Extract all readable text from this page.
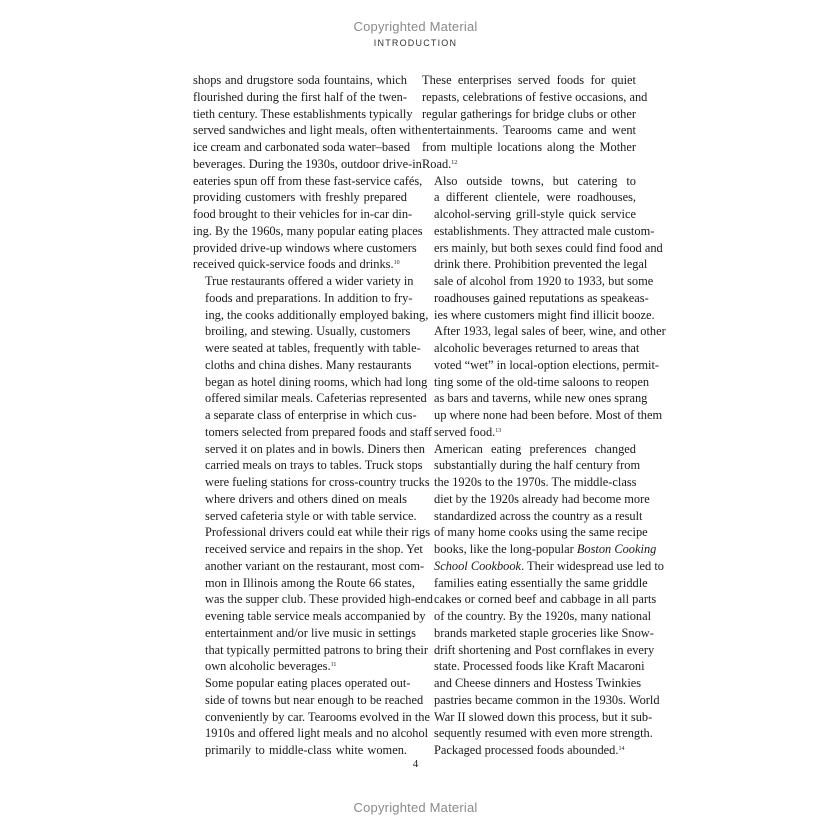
Copyrighted Material
INTRODUCTION

shops and drugstore soda fountains, which
flourished during the first half of the twen-
tieth century. These establishments typically
served sandwiches and light meals, often with
ice cream and carbonated soda water–based
beverages. During the 1930s, outdoor drive-in
eateries spun off from these fast-service cafés,
providing customers with freshly prepared
food brought to their vehicles for in-car din-
ing. By the 1960s, many popular eating places
provided drive-up windows where customers
received quick-service foods and drinks.$^{10}$

True restaurants offered a wider variety in
foods and preparations. In addition to fry-
ing, the cooks additionally employed baking,
broiling, and stewing. Usually, customers
were seated at tables, frequently with table-
cloths and china dishes. Many restaurants
began as hotel dining rooms, which had long
offered similar meals. Cafeterias represented
a separate class of enterprise in which cus-
tomers selected from prepared foods and staff
served it on plates and in bowls. Diners then
carried meals on trays to tables. Truck stops
were fueling stations for cross-country trucks
where drivers and others dined on meals
served cafeteria style or with table service.
Professional drivers could eat while their rigs
received service and repairs in the shop. Yet
another variant on the restaurant, most com-
mon in Illinois among the Route 66 states,
was the supper club. These provided high-end
evening table service meals accompanied by
entertainment and/or live music in settings
that typically permitted patrons to bring their
own alcoholic beverages.$^{11}$

Some popular eating places operated out-
side of towns but near enough to be reached
conveniently by car. Tearooms evolved in the
1910s and offered light meals and no alcohol
primarily to middle-class white women.

These enterprises served foods for quiet
repasts, celebrations of festive occasions, and
regular gatherings for bridge clubs or other
entertainments. Tearooms came and went
from multiple locations along the Mother
Road.$^{12}$

Also outside towns, but catering to
a different clientele, were roadhouses,
alcohol-serving grill-style quick service
establishments. They attracted male custom-
ers mainly, but both sexes could find food and
drink there. Prohibition prevented the legal
sale of alcohol from 1920 to 1933, but some
roadhouses gained reputations as speakeas-
ies where customers might find illicit booze.
After 1933, legal sales of beer, wine, and other
alcoholic beverages returned to areas that
voted “wet” in local-option elections, permit-
ting some of the old-time saloons to reopen
as bars and taverns, while new ones sprang
up where none had been before. Most of them
served food.$^{13}$

American eating preferences changed
substantially during the half century from
the 1920s to the 1970s. The middle-class
diet by the 1920s already had become more
standardized across the country as a result
of many home cooks using the same recipe
books, like the long-popular Boston Cooking
School Cookbook. Their widespread use led to
families eating essentially the same griddle
cakes or corned beef and cabbage in all parts
of the country. By the 1920s, many national
brands marketed staple groceries like Snow-
drift shortening and Post cornflakes in every
state. Processed foods like Kraft Macaroni
and Cheese dinners and Hostess Twinkies
pastries became common in the 1930s. World
War II slowed down this process, but it sub-
sequently resumed with even more strength.
Packaged processed foods abounded.$^{14}$

4
Copyrighted Material
